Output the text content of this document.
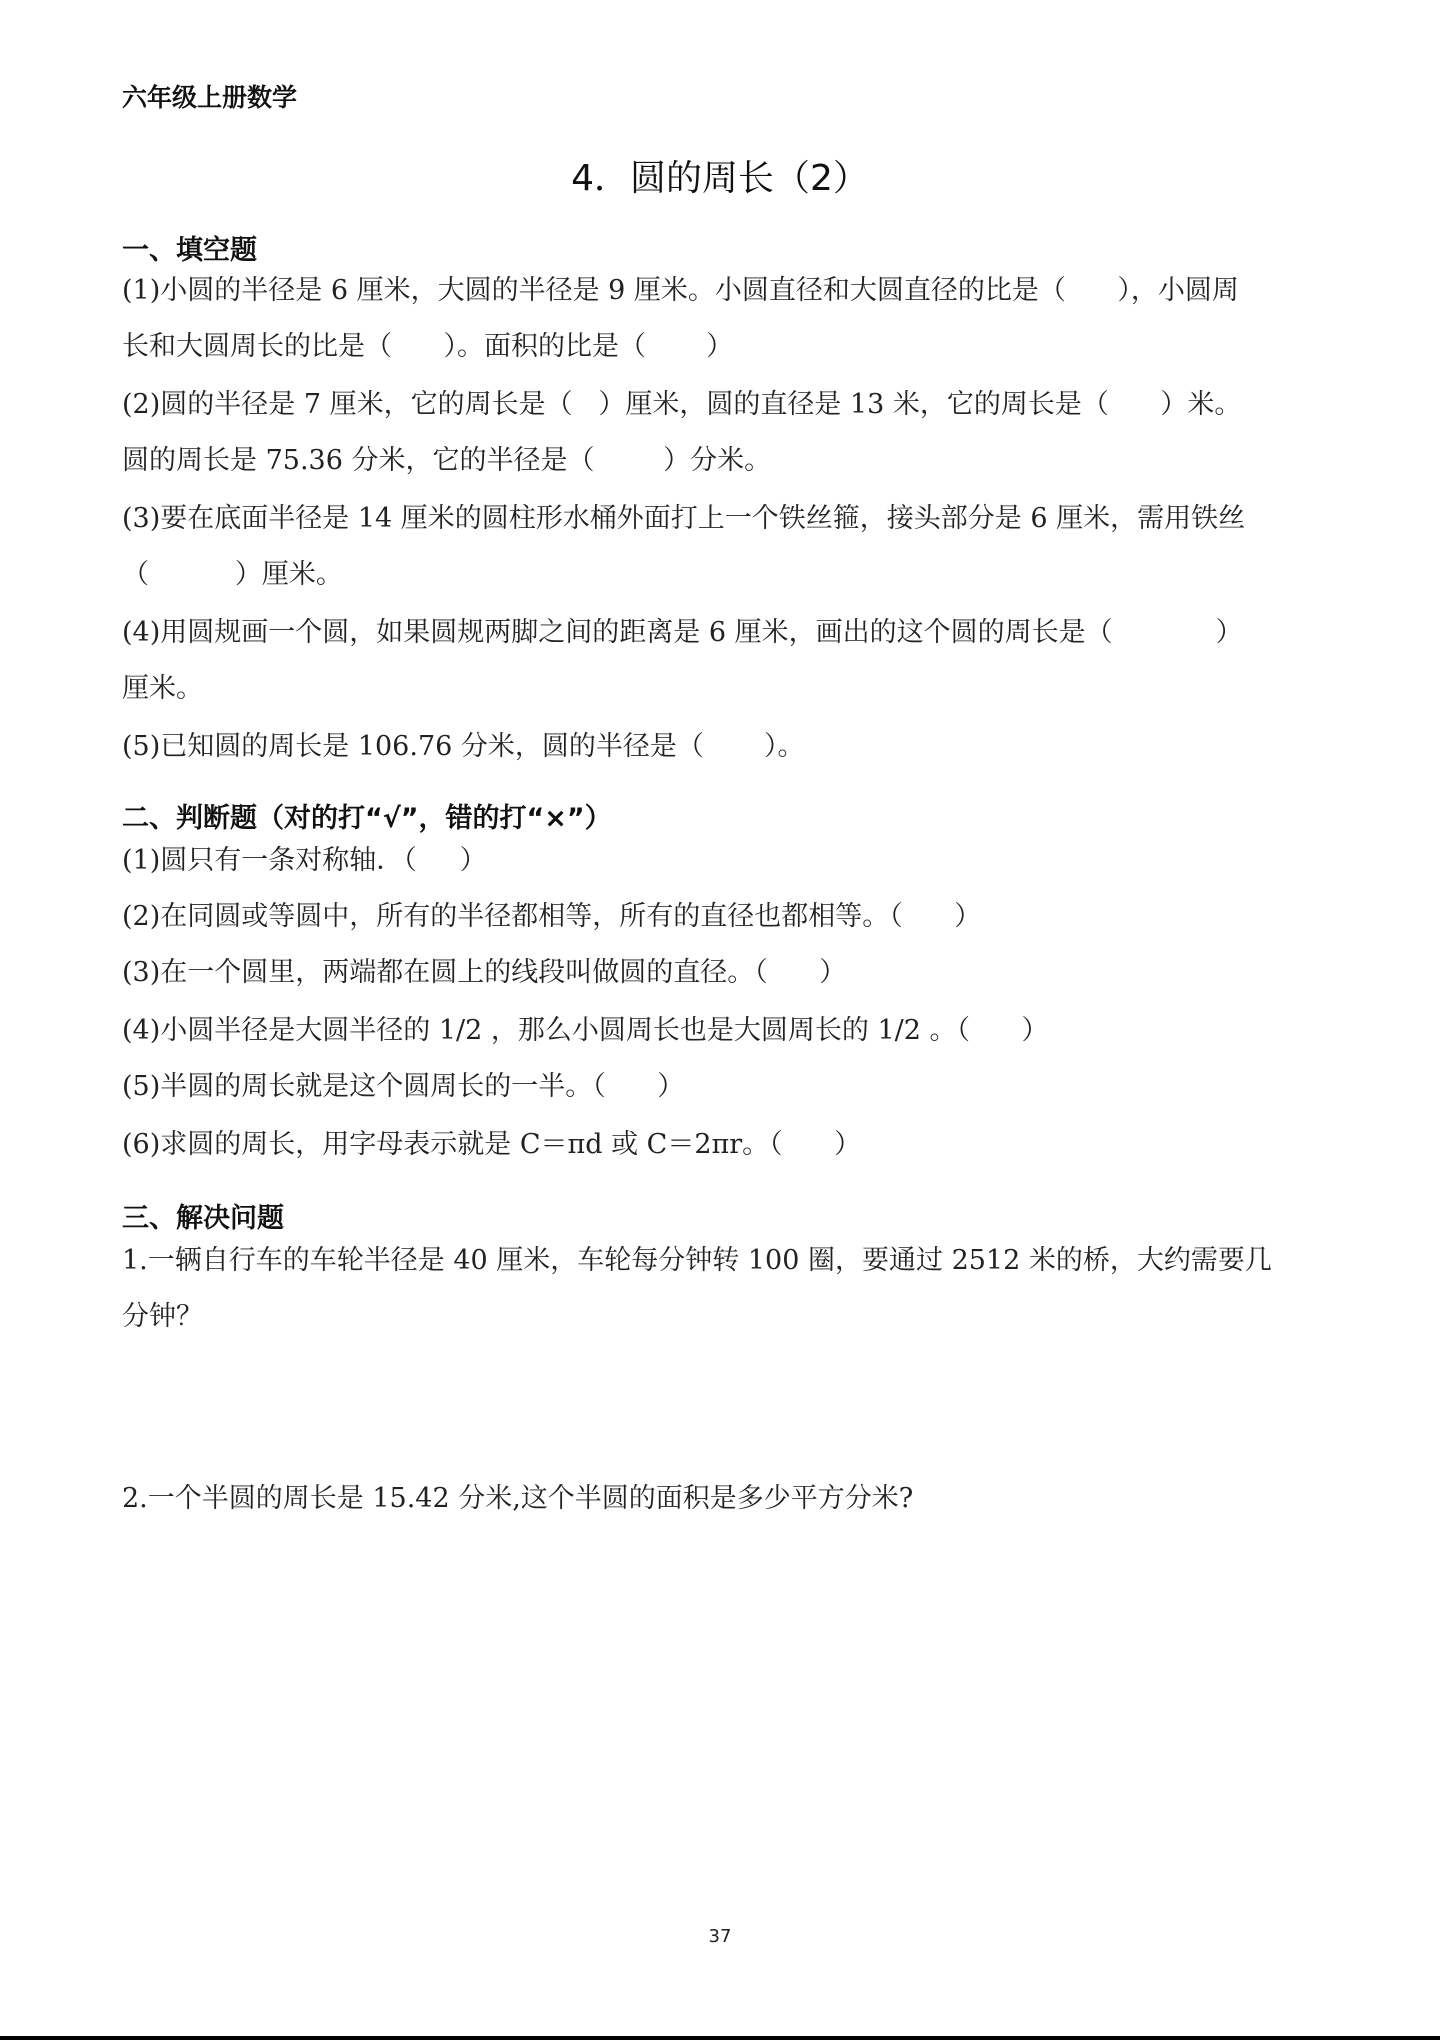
六年级上册数学
4．圆的周长（2）
一、填空题
(1)小圆的半径是 6 厘米，大圆的半径是 9 厘米。小圆直径和大圆直径的比是（      ），小圆周
长和大圆周长的比是（      ）。面积的比是（       ）
(2)圆的半径是 7 厘米，它的周长是（   ）厘米，圆的直径是 13 米，它的周长是（      ）米。
圆的周长是 75.36 分米，它的半径是（        ）分米。
(3)要在底面半径是 14 厘米的圆柱形水桶外面打上一个铁丝箍，接头部分是 6 厘米，需用铁丝
（          ）厘米。
(4)用圆规画一个圆，如果圆规两脚之间的距离是 6 厘米，画出的这个圆的周长是（            ）
厘米。
(5)已知圆的周长是 106.76 分米，圆的半径是（       ）。
二、判断题（对的打“√”，错的打“×”）
(1)圆只有一条对称轴．（     ）
(2)在同圆或等圆中，所有的半径都相等，所有的直径也都相等。（      ）
(3)在一个圆里，两端都在圆上的线段叫做圆的直径。（      ）
(4)小圆半径是大圆半径的 1/2 ，那么小圆周长也是大圆周长的 1/2 。（      ）
(5)半圆的周长就是这个圆周长的一半。（      ）
(6)求圆的周长，用字母表示就是 C＝πd 或 C＝2πr。（      ）
三、解决问题
1.一辆自行车的车轮半径是 40 厘米，车轮每分钟转 100 圈，要通过 2512 米的桥，大约需要几
分钟？
2.一个半圆的周长是 15.42 分米,这个半圆的面积是多少平方分米?
37
